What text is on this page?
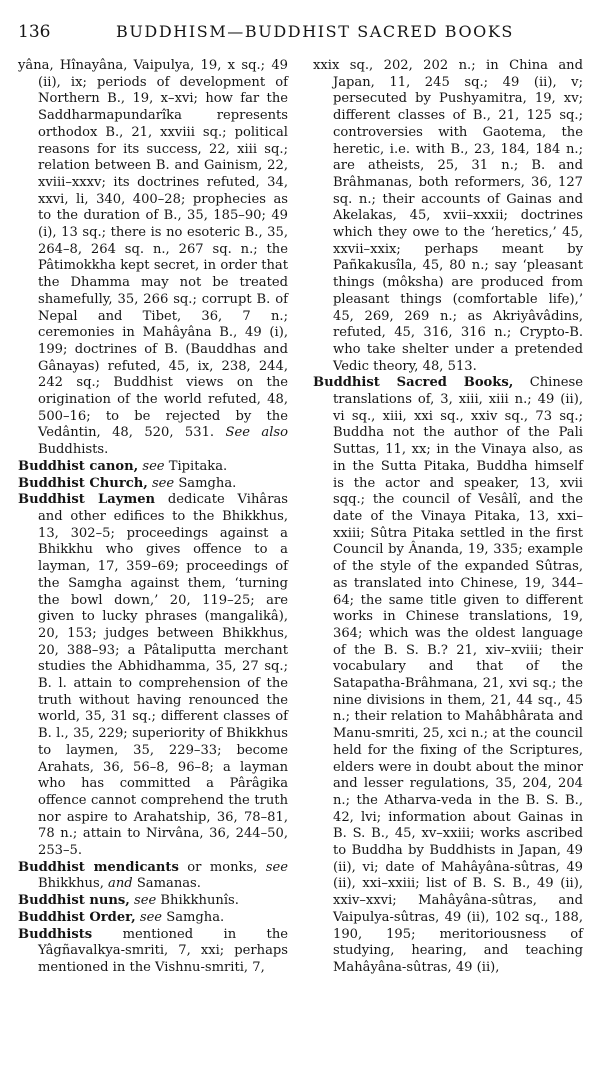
136	BUDDHISM—BUDDHIST SACRED BOOKS

yâna, Hînayâna, Vaipulya, 19, x sq.; 49 (ii), ix; periods of development of Northern B., 19, x–xvi; how far the Saddharmapundarîka represents orthodox B., 21, xxviii sq.; political reasons for its success, 22, xiii sq.; relation between B. and Gainism, 22, xviii–xxxv; its doctrines refuted, 34, xxvi, li, 340, 400–28; prophecies as to the duration of B., 35, 185–90; 49 (i), 13 sq.; there is no esoteric B., 35, 264–8, 264 sq. n., 267 sq. n.; the Pâtimokkha kept secret, in order that the Dhamma may not be treated shamefully, 35, 266 sq.; corrupt B. of Nepal and Tibet, 36, 7 n.; ceremonies in Mahâyâna B., 49 (i), 199; doctrines of B. (Bauddhas and Gânayas) refuted, 45, ix, 238, 244, 242 sq.; Buddhist views on the origination of the world refuted, 48, 500–16; to be rejected by the Vedântin, 48, 520, 531. See also Buddhists.

Buddhist canon, see Tipitaka.

Buddhist Church, see Samgha.

Buddhist Laymen dedicate Vihâras and other edifices to the Bhikkhus, 13, 302–5; proceedings against a Bhikkhu who gives offence to a layman, 17, 359–69; proceedings of the Samgha against them, ‘turning the bowl down,’ 20, 119–25; are given to lucky phrases (mangalikâ), 20, 153; judges between Bhikkhus, 20, 388–93; a Pâtaliputta merchant studies the Abhidhamma, 35, 27 sq.; B. l. attain to comprehension of the truth without having renounced the world, 35, 31 sq.; different classes of B. l., 35, 229; superiority of Bhikkhus to laymen, 35, 229–33; become Arahats, 36, 56–8, 96–8; a layman who has committed a Pârâgika offence cannot comprehend the truth nor aspire to Arahatship, 36, 78–81, 78 n.; attain to Nirvâna, 36, 244–50, 253–5.

Buddhist mendicants or monks, see Bhikkhus, and Samanas.

Buddhist nuns, see Bhikkhunîs.

Buddhist Order, see Samgha.

Buddhists mentioned in the Yâgñavalkya-smriti, 7, xxi; perhaps mentioned in the Vishnu-smriti, 7,

xxix sq., 202, 202 n.; in China and Japan, 11, 245 sq.; 49 (ii), v; persecuted by Pushyamitra, 19, xv; different classes of B., 21, 125 sq.; controversies with Gaotema, the heretic, i.e. with B., 23, 184, 184 n.; are atheists, 25, 31 n.; B. and Brâhmanas, both reformers, 36, 127 sq. n.; their accounts of Gainas and Akelakas, 45, xvii–xxxii; doctrines which they owe to the ‘heretics,’ 45, xxvii–xxix; perhaps meant by Pañkakusîla, 45, 80 n.; say ‘pleasant things (môksha) are produced from pleasant things (comfortable life),’ 45, 269, 269 n.; as Akriyâvâdins, refuted, 45, 316, 316 n.; Crypto-B. who take shelter under a pretended Vedic theory, 48, 513.

Buddhist Sacred Books, Chinese translations of, 3, xiii, xiii n.; 49 (ii), vi sq., xiii, xxi sq., xxiv sq., 73 sq.; Buddha not the author of the Pali Suttas, 11, xx; in the Vinaya also, as in the Sutta Pitaka, Buddha himself is the actor and speaker, 13, xvii sqq.; the council of Vesâlî, and the date of the Vinaya Pitaka, 13, xxi–xxiii; Sûtra Pitaka settled in the first Council by Ânanda, 19, 335; example of the style of the expanded Sûtras, as translated into Chinese, 19, 344–64; the same title given to different works in Chinese translations, 19, 364; which was the oldest language of the B. S. B.? 21, xiv–xviii; their vocabulary and that of the Satapatha-Brâhmana, 21, xvi sq.; the nine divisions in them, 21, 44 sq., 45 n.; their relation to Mahâbhârata and Manu-smriti, 25, xci n.; at the council held for the fixing of the Scriptures, elders were in doubt about the minor and lesser regulations, 35, 204, 204 n.; the Atharva-veda in the B. S. B., 42, lvi; information about Gainas in B. S. B., 45, xv–xxiii; works ascribed to Buddha by Buddhists in Japan, 49 (ii), vi; date of Mahâyâna-sûtras, 49 (ii), xxi–xxiii; list of B. S. B., 49 (ii), xxiv–xxvi; Mahâyâna-sûtras, and Vaipulya-sûtras, 49 (ii), 102 sq., 188, 190, 195; meritoriousness of studying, hearing, and teaching Mahâyâna-sûtras, 49 (ii),
